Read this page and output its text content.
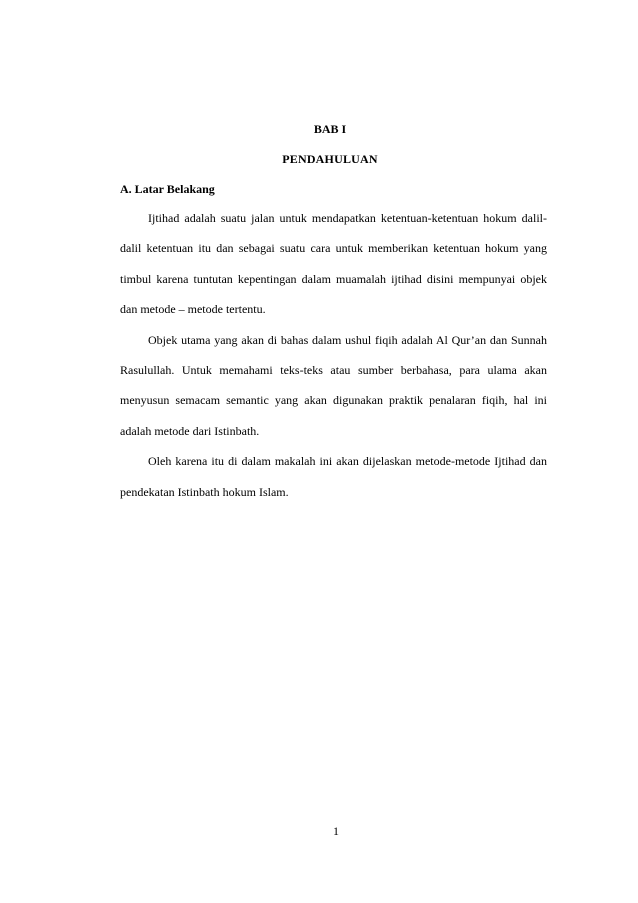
BAB I
PENDAHULUAN
A. Latar Belakang

Ijtihad adalah suatu jalan untuk mendapatkan ketentuan-ketentuan hokum dalil-dalil ketentuan itu dan sebagai suatu cara untuk memberikan ketentuan hokum yang timbul karena tuntutan kepentingan dalam muamalah ijtihad disini mempunyai objek dan metode – metode tertentu.

Objek utama yang akan di bahas dalam ushul fiqih adalah Al Qur’an dan Sunnah Rasulullah. Untuk memahami teks-teks atau sumber berbahasa, para ulama akan menyusun semacam semantic yang akan digunakan praktik penalaran fiqih, hal ini adalah metode dari Istinbath.

Oleh karena itu di dalam makalah ini akan dijelaskan metode-metode Ijtihad dan pendekatan Istinbath hokum Islam.

1
